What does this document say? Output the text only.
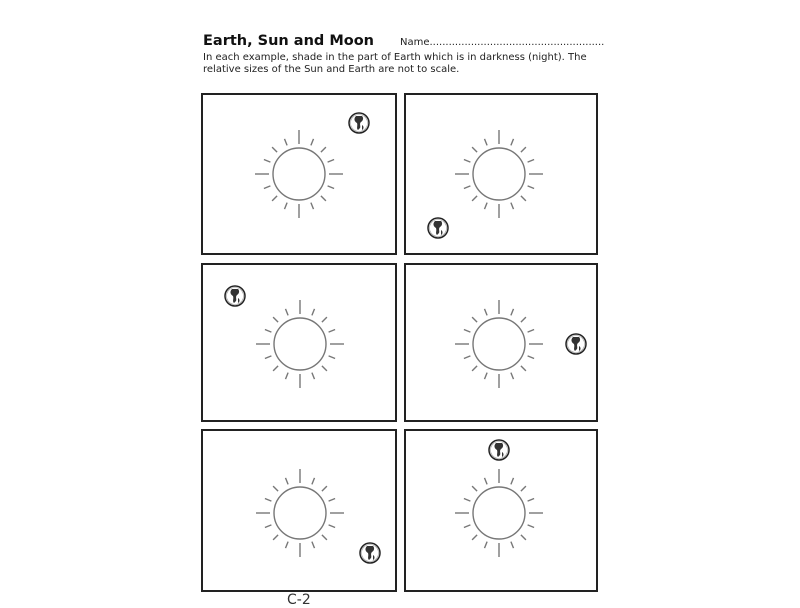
Earth, Sun and Moon	Name.......................................................
In each example, shade in the part of Earth which is in darkness (night). The relative sizes of the Sun and Earth are not to scale.
C-2
